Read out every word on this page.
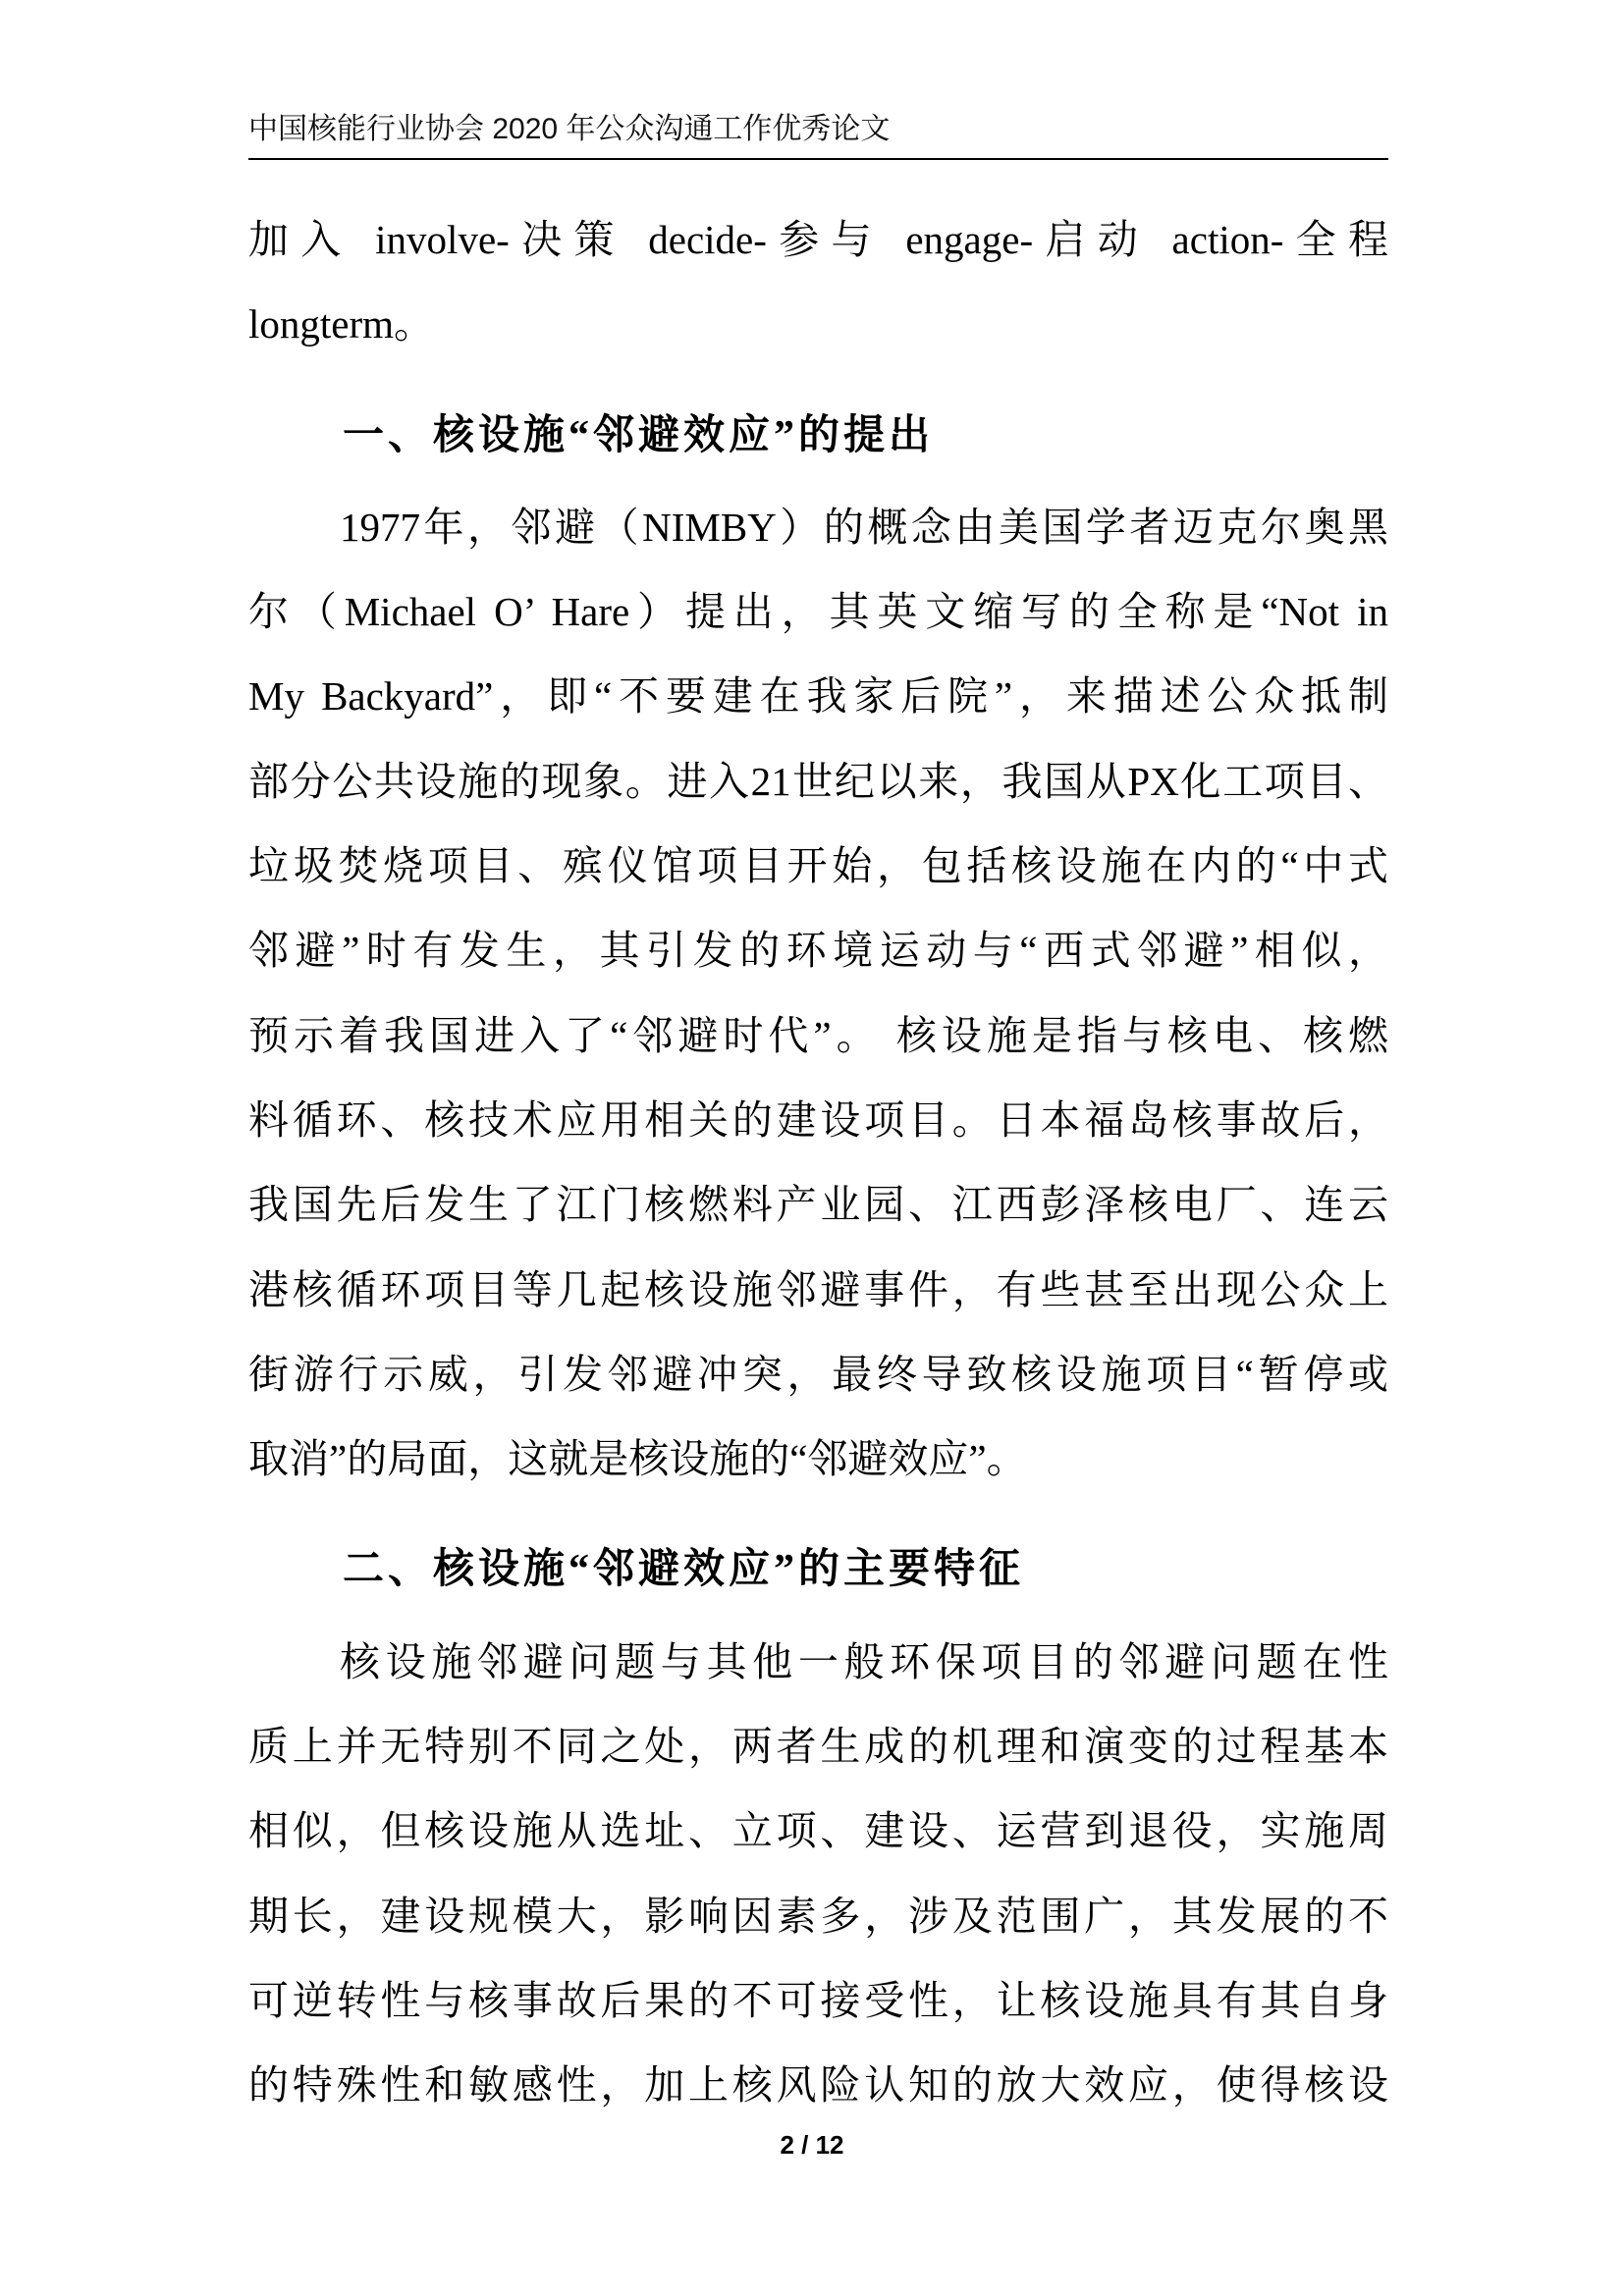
中国核能行业协会 2020 年公众沟通工作优秀论文
加入 involve-决策 decide-参与 engage-启动 action-全程
longterm。
一、核设施“邻避效应”的提出
1977年，邻避（NIMBY）的概念由美国学者迈克尔奥黑
尔（Michael O’ Hare）提出，其英文缩写的全称是“Not in
My Backyard”，即“不要建在我家后院”，来描述公众抵制
部分公共设施的现象。进入21世纪以来，我国从PX化工项目、
垃圾焚烧项目、殡仪馆项目开始，包括核设施在内的“中式
邻避”时有发生，其引发的环境运动与“西式邻避”相似，
预示着我国进入了“邻避时代”。 核设施是指与核电、核燃
料循环、核技术应用相关的建设项目。日本福岛核事故后，
我国先后发生了江门核燃料产业园、江西彭泽核电厂、连云
港核循环项目等几起核设施邻避事件，有些甚至出现公众上
街游行示威，引发邻避冲突，最终导致核设施项目“暂停或
取消”的局面，这就是核设施的“邻避效应”。
二、核设施“邻避效应”的主要特征
核设施邻避问题与其他一般环保项目的邻避问题在性
质上并无特别不同之处，两者生成的机理和演变的过程基本
相似，但核设施从选址、立项、建设、运营到退役，实施周
期长，建设规模大，影响因素多，涉及范围广，其发展的不
可逆转性与核事故后果的不可接受性，让核设施具有其自身
的特殊性和敏感性，加上核风险认知的放大效应，使得核设
2 / 12
